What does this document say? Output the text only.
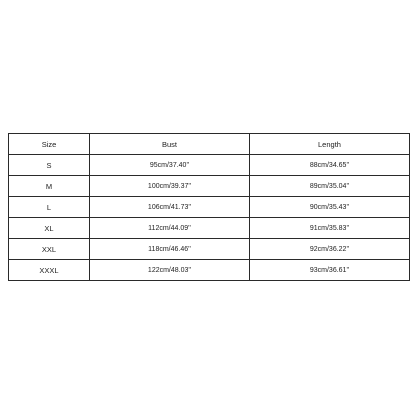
Size	Bust	Length
S	95cm/37.40''	88cm/34.65''
M	100cm/39.37''	89cm/35.04''
L	106cm/41.73''	90cm/35.43''
XL	112cm/44.09''	91cm/35.83''
XXL	118cm/46.46''	92cm/36.22''
XXXL	122cm/48.03''	93cm/36.61''
